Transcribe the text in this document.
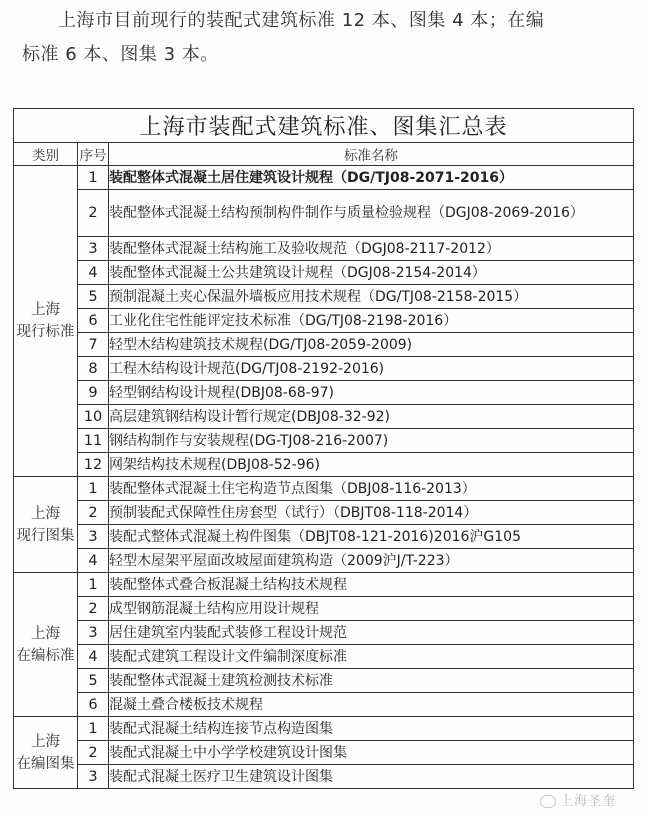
上海市目前现行的装配式建筑标准 12 本、图集 4 本；在编
标准 6 本、图集 3 本。
上海市装配式建筑标准、图集汇总表		
类别	序号	标准名称

上海
现行标准	1	装配整体式混凝土居住建筑设计规程（DG/TJ08-2071-2016）
	2	装配整体式混凝土结构预制构件制作与质量检验规程（DGJ08-2069-2016）
	3	装配整体式混凝土结构施工及验收规范（DGJ08-2117-2012）
	4	装配整体式混凝土公共建筑设计规程（DGJ08-2154-2014）
	5	预制混凝土夹心保温外墙板应用技术规程（DG/TJ08-2158-2015）
	6	工业化住宅性能评定技术标准（DG/TJ08-2198-2016）
	7	轻型木结构建筑技术规程(DG/TJ08-2059-2009)
	8	工程木结构设计规范(DG/TJ08-2192-2016)
	9	轻型钢结构设计规程(DBJ08-68-97)
	10	高层建筑钢结构设计暂行规定(DBJ08-32-92)
	11	钢结构制作与安装规程(DG-TJ08-216-2007)
	12	网架结构技术规程(DBJ08-52-96)

上海
现行图集	1	装配整体式混凝土住宅构造节点图集（DBJ08-116-2013）
	2	预制装配式保障性住房套型（试行）（DBJT08-118-2014）
	3	装配式整体式混凝土构件图集（DBJT08-121-2016)2016沪G105
	4	轻型木屋架平屋面改坡屋面建筑构造（2009沪J/T-223）

上海
在编标准	1	装配整体式叠合板混凝土结构技术规程
	2	成型钢筋混凝土结构应用设计规程
	3	居住建筑室内装配式装修工程设计规范
	4	装配式建筑工程设计文件编制深度标准
	5	装配整体式混凝土建筑检测技术标准
	6	混凝土叠合楼板技术规程

上海
在编图集	1	装配式混凝土结构连接节点构造图集
	2	装配式混凝土中小学学校建筑设计图集
	3	装配式混凝土医疗卫生建筑设计图集
上海圣奎
